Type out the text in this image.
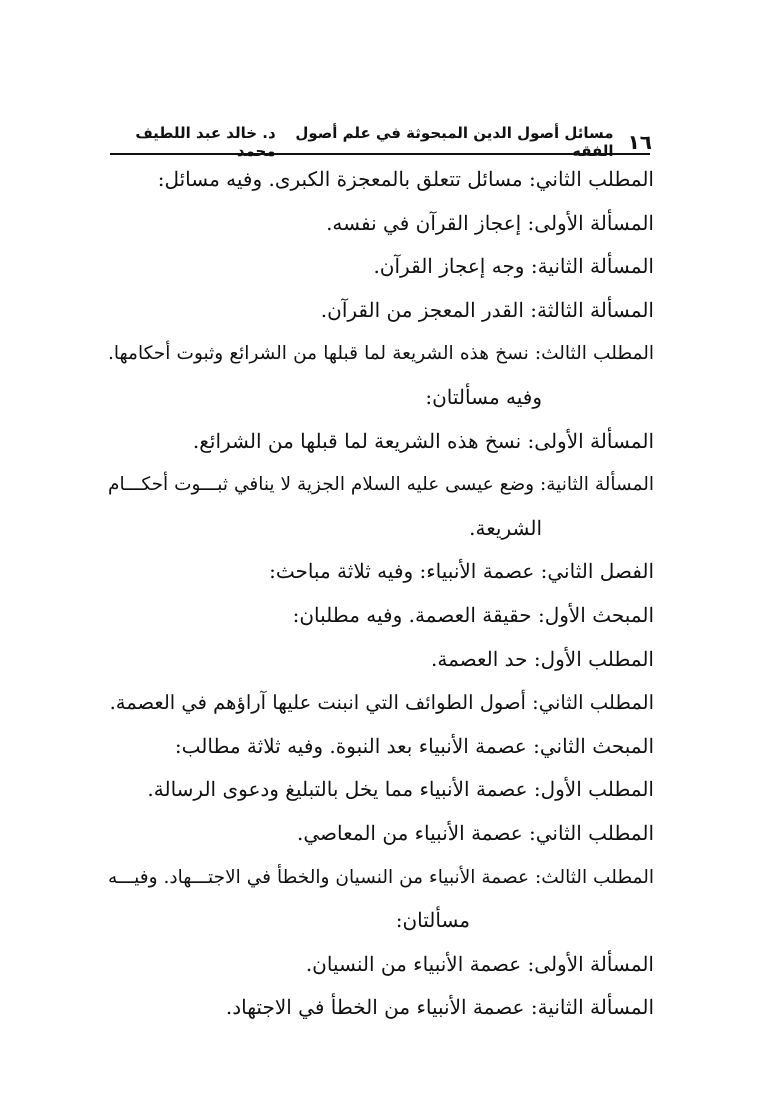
١٦
مسائل أصول الدين المبحوثة في علم أصول الفقه
د. خالد عبد اللطيف محمد
المطلب الثاني: مسائل تتعلق بالمعجزة الكبرى. وفيه مسائل:
المسألة الأولى: إعجاز القرآن في نفسه.
المسألة الثانية: وجه إعجاز القرآن.
المسألة الثالثة: القدر المعجز من القرآن.
المطلب الثالث: نسخ هذه الشريعة لما قبلها من الشرائع وثبوت أحكامها.
وفيه مسألتان:
المسألة الأولى: نسخ هذه الشريعة لما قبلها من الشرائع.
المسألة الثانية: وضع عيسى عليه السلام الجزية لا ينافي ثبـــوت أحكـــام
الشريعة.
الفصل الثاني: عصمة الأنبياء: وفيه ثلاثة مباحث:
المبحث الأول: حقيقة العصمة. وفيه مطلبان:
المطلب الأول: حد العصمة.
المطلب الثاني: أصول الطوائف التي انبنت عليها آراؤهم في العصمة.
المبحث الثاني: عصمة الأنبياء بعد النبوة. وفيه ثلاثة مطالب:
المطلب الأول: عصمة الأنبياء مما يخل بالتبليغ ودعوى الرسالة.
المطلب الثاني: عصمة الأنبياء من المعاصي.
المطلب الثالث: عصمة الأنبياء من النسيان والخطأ في الاجتـــهاد. وفيـــه
مسألتان:
المسألة الأولى: عصمة الأنبياء من النسيان.
المسألة الثانية: عصمة الأنبياء من الخطأ في الاجتهاد.
